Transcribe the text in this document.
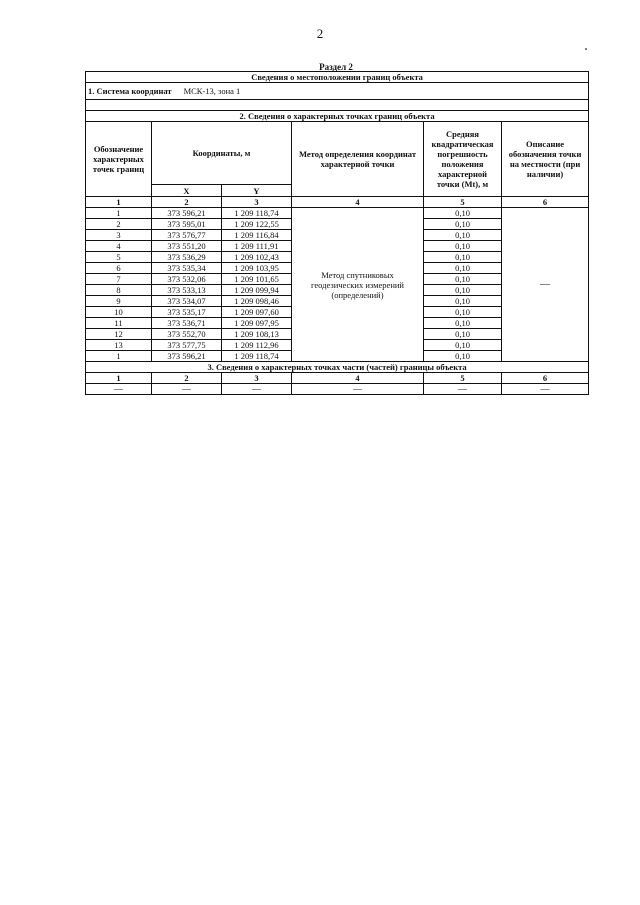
2
Раздел 2
Сведения о местоположении границ объекта					
1. Система координат МСК-13, зона 1					

2. Сведения о характерных точках границ объекта					
Обозначение характерных точек границ	Координаты, м		Метод определения координат характерной точки	Средняя квадратическая погрешность положения характерной точки (Mt), м	Описание обозначения точки на местности (при наличии)
	X	Y			
1	2	3	4	5	6
1	373 596,21	1 209 118,74	Метод спутниковых геодезических измерений (определений)	0,10	—
2	373 595,01	1 209 122,55		0,10	
3	373 576,77	1 209 116,84		0,10	
4	373 551,20	1 209 111,91		0,10	
5	373 536,29	1 209 102,43		0,10	
6	373 535,34	1 209 103,95		0,10	
7	373 532,06	1 209 101,65		0,10	
8	373 533,13	1 209 099,94		0,10	
9	373 534,07	1 209 098,46		0,10	
10	373 535,17	1 209 097,60		0,10	
11	373 536,71	1 209 097,95		0,10	
12	373 552,70	1 209 108,13		0,10	
13	373 577,75	1 209 112,96		0,10	
1	373 596,21	1 209 118,74		0,10	
3. Сведения о характерных точках части (частей) границы объекта					
1	2	3	4	5	6
—	—	—	—	—	—
